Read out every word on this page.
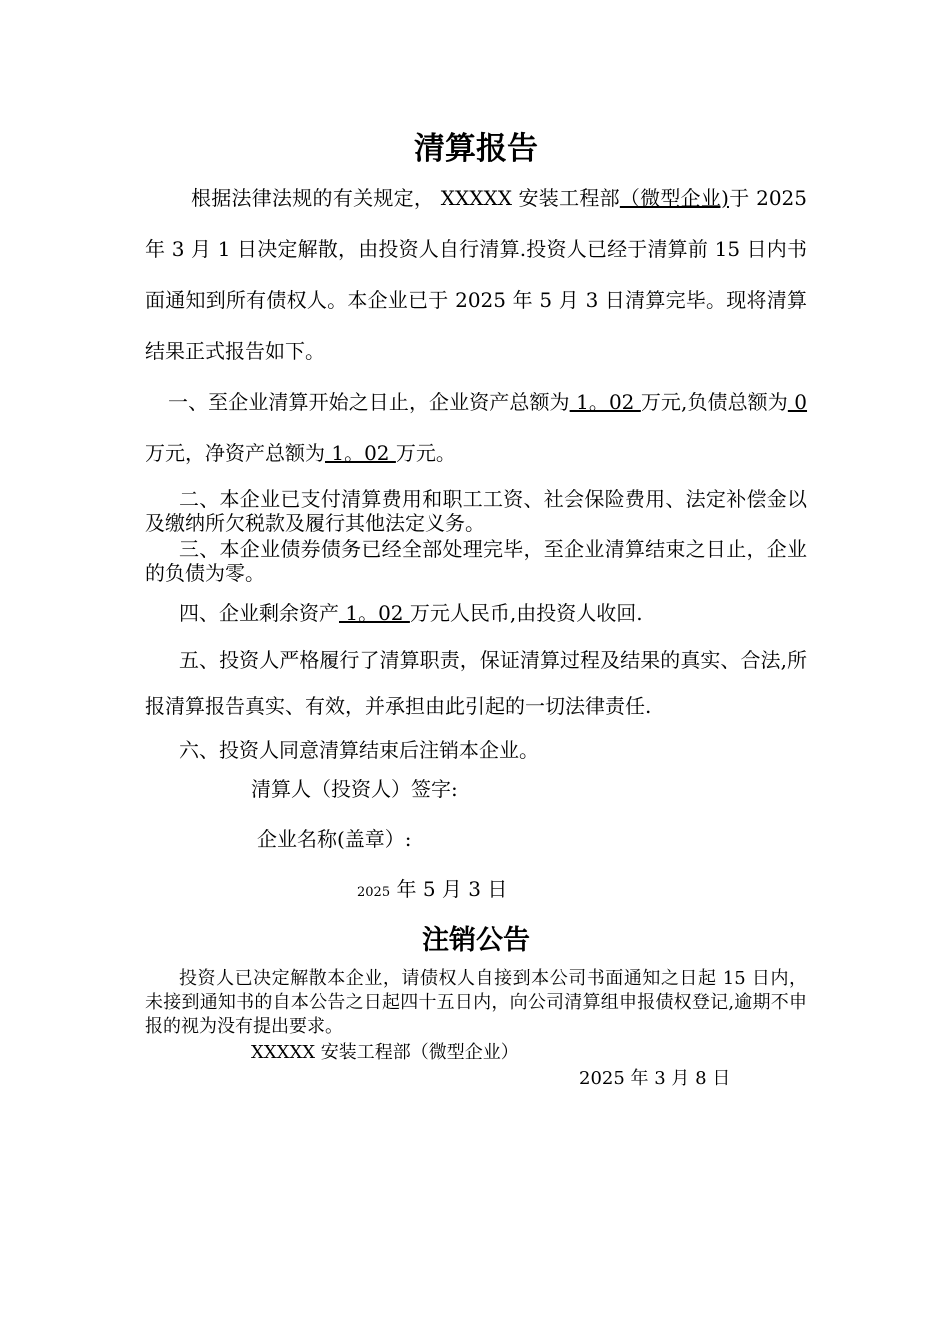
清算报告

根据法律法规的有关规定， XXXXX 安装工程部（微型企业)于 2025 年 3 月 1 日决定解散，由投资人自行清算.投资人已经于清算前 15 日内书面通知到所有债权人。本企业已于 2025 年 5 月 3 日清算完毕。现将清算结果正式报告如下。

一、至企业清算开始之日止，企业资产总额为 1。02 万元,负债总额为 0 万元，净资产总额为 1。02 万元。

二、本企业已支付清算费用和职工工资、社会保险费用、法定补偿金以及缴纳所欠税款及履行其他法定义务。

三、本企业债券债务已经全部处理完毕，至企业清算结束之日止，企业的负债为零。

四、企业剩余资产 1。02 万元人民币,由投资人收回.

五、投资人严格履行了清算职责，保证清算过程及结果的真实、合法,所报清算报告真实、有效，并承担由此引起的一切法律责任.

六、投资人同意清算结束后注销本企业。

清算人（投资人）签字:

企业名称(盖章）:

2025 年 5 月 3 日

注销公告

投资人已决定解散本企业，请债权人自接到本公司书面通知之日起 15 日内，未接到通知书的自本公告之日起四十五日内，向公司清算组申报债权登记,逾期不申报的视为没有提出要求。

XXXXX 安装工程部（微型企业）

2025 年 3 月 8 日
